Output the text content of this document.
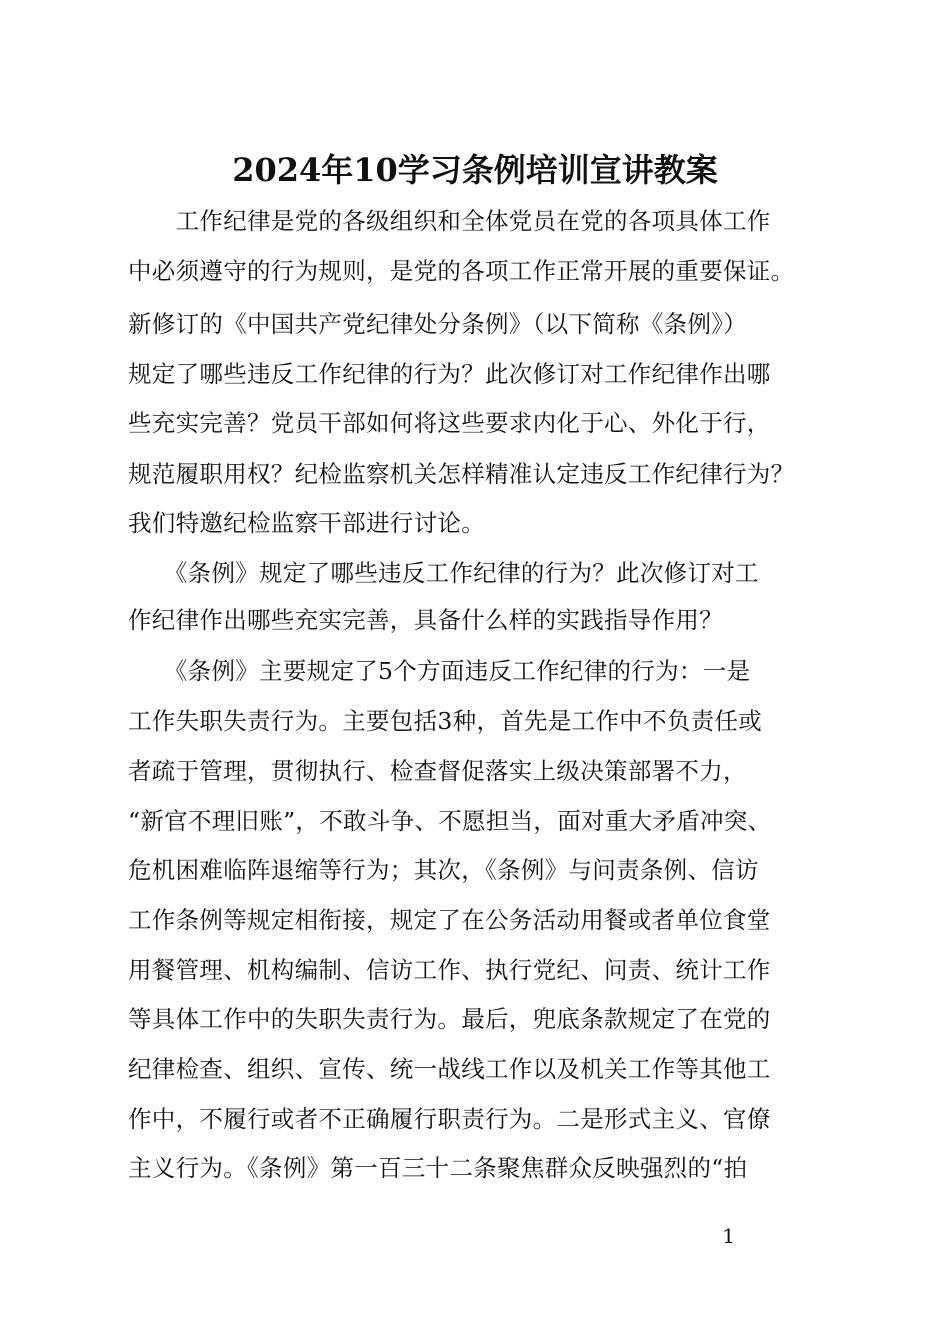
2024年10学习条例培训宣讲教案

　　工作纪律是党的各级组织和全体党员在党的各项具体工作

中必须遵守的行为规则，是党的各项工作正常开展的重要保证。

新修订的《中国共产党纪律处分条例》（以下简称《条例》）

规定了哪些违反工作纪律的行为？此次修订对工作纪律作出哪

些充实完善？党员干部如何将这些要求内化于心、外化于行，

规范履职用权？纪检监察机关怎样精准认定违反工作纪律行为？

我们特邀纪检监察干部进行讨论。

　　《条例》规定了哪些违反工作纪律的行为？此次修订对工

作纪律作出哪些充实完善，具备什么样的实践指导作用？

　　《条例》主要规定了5个方面违反工作纪律的行为：一是

工作失职失责行为。主要包括3种，首先是工作中不负责任或

者疏于管理，贯彻执行、检查督促落实上级决策部署不力，

“新官不理旧账”，不敢斗争、不愿担当，面对重大矛盾冲突、

危机困难临阵退缩等行为；其次，《条例》与问责条例、信访

工作条例等规定相衔接，规定了在公务活动用餐或者单位食堂

用餐管理、机构编制、信访工作、执行党纪、问责、统计工作

等具体工作中的失职失责行为。最后，兜底条款规定了在党的

纪律检查、组织、宣传、统一战线工作以及机关工作等其他工

作中，不履行或者不正确履行职责行为。二是形式主义、官僚

主义行为。《条例》第一百三十二条聚焦群众反映强烈的“拍

1
